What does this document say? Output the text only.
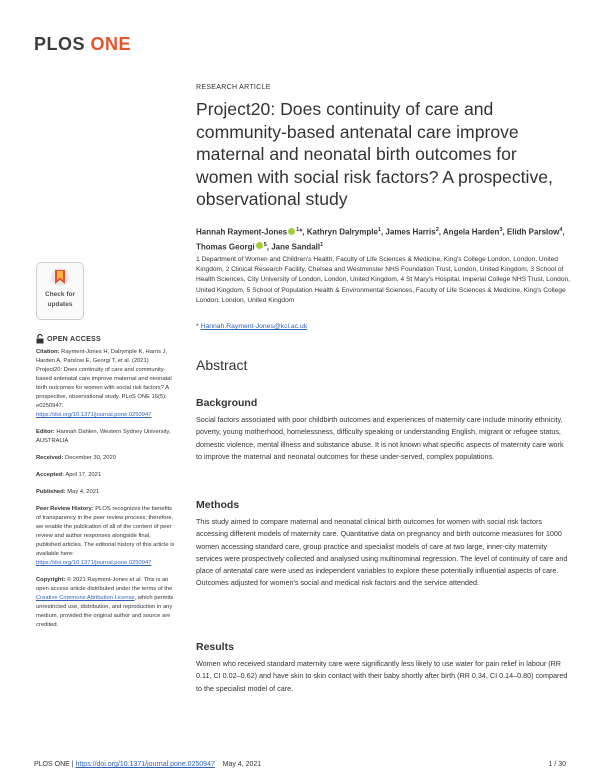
PLOS ONE
RESEARCH ARTICLE
Project20: Does continuity of care and community-based antenatal care improve maternal and neonatal birth outcomes for women with social risk factors? A prospective, observational study
Hannah Rayment-Jones $^1$*, Kathryn Dalrymple$^1$, James Harris$^2$, Angela Harden$^3$, Elidh Parslow$^4$, Thomas Georgi $^5$, Jane Sandall$^1$
1 Department of Women and Children's Health, Faculty of Life Sciences & Medicine, King's College London, London, United Kingdom, 2 Clinical Research Facility, Chelsea and Westminster NHS Foundation Trust, London, United Kingdom, 3 School of Health Sciences, City University of London, London, United Kingdom, 4 St Mary's Hospital, Imperial College NHS Trust, London, United Kingdom, 5 School of Population Health & Environmental Sciences, Faculty of Life Sciences & Medicine, King's College London, London, United Kingdom
* Hannah.Rayment-Jones@kcl.ac.uk
Check for
updates
OPEN ACCESS

Citation: Rayment-Jones H, Dalrymple K, Harris J, Harden A, Parslow E, Georgi T, et al. (2021) Project20: Does continuity of care and community-based antenatal care improve maternal and neonatal birth outcomes for women with social risk factors? A prospective, observational study. PLoS ONE 16(5): e0250947. https://doi.org/10.1371/journal.pone.0250947

Editor: Hannah Dahlen, Western Sydney University, AUSTRALIA

Received: December 30, 2020

Accepted: April 17, 2021

Published: May 4, 2021

Peer Review History: PLOS recognizes the benefits of transparency in the peer review process; therefore, we enable the publication of all of the content of peer review and author responses alongside final, published articles. The editorial history of this article is available here: https://doi.org/10.1371/journal.pone.0250947

Copyright: © 2021 Rayment-Jones et al. This is an open access article distributed under the terms of the Creative Commons Attribution License, which permits unrestricted use, distribution, and reproduction in any medium, provided the original author and source are credited.

Abstract
Background

Social factors associated with poor childbirth outcomes and experiences of maternity care include minority ethnicity, poverty, young motherhood, homelessness, difficulty speaking or understanding English, migrant or refugee status, domestic violence, mental illness and substance abuse. It is not known what specific aspects of maternity care work to improve the maternal and neonatal outcomes for these under-served, complex populations.

Methods

This study aimed to compare maternal and neonatal clinical birth outcomes for women with social risk factors accessing different models of maternity care. Quantitative data on pregnancy and birth outcome measures for 1000 women accessing standard care, group practice and specialist models of care at two large, inner-city maternity services were prospectively collected and analysed using multinominal regression. The level of continuity of care and place of antenatal care were used as independent variables to explore these potentially influential aspects of care. Outcomes adjusted for women's social and medical risk factors and the service attended.

Results

Women who received standard maternity care were significantly less likely to use water for pain relief in labour (RR 0.11, CI 0.02–0.62) and have skin to skin contact with their baby shortly after birth (RR 0.34, CI 0.14–0.80) compared to the specialist model of care.

PLOS ONE | https://doi.org/10.1371/journal.pone.0250947 May 4, 2021	1 / 30
